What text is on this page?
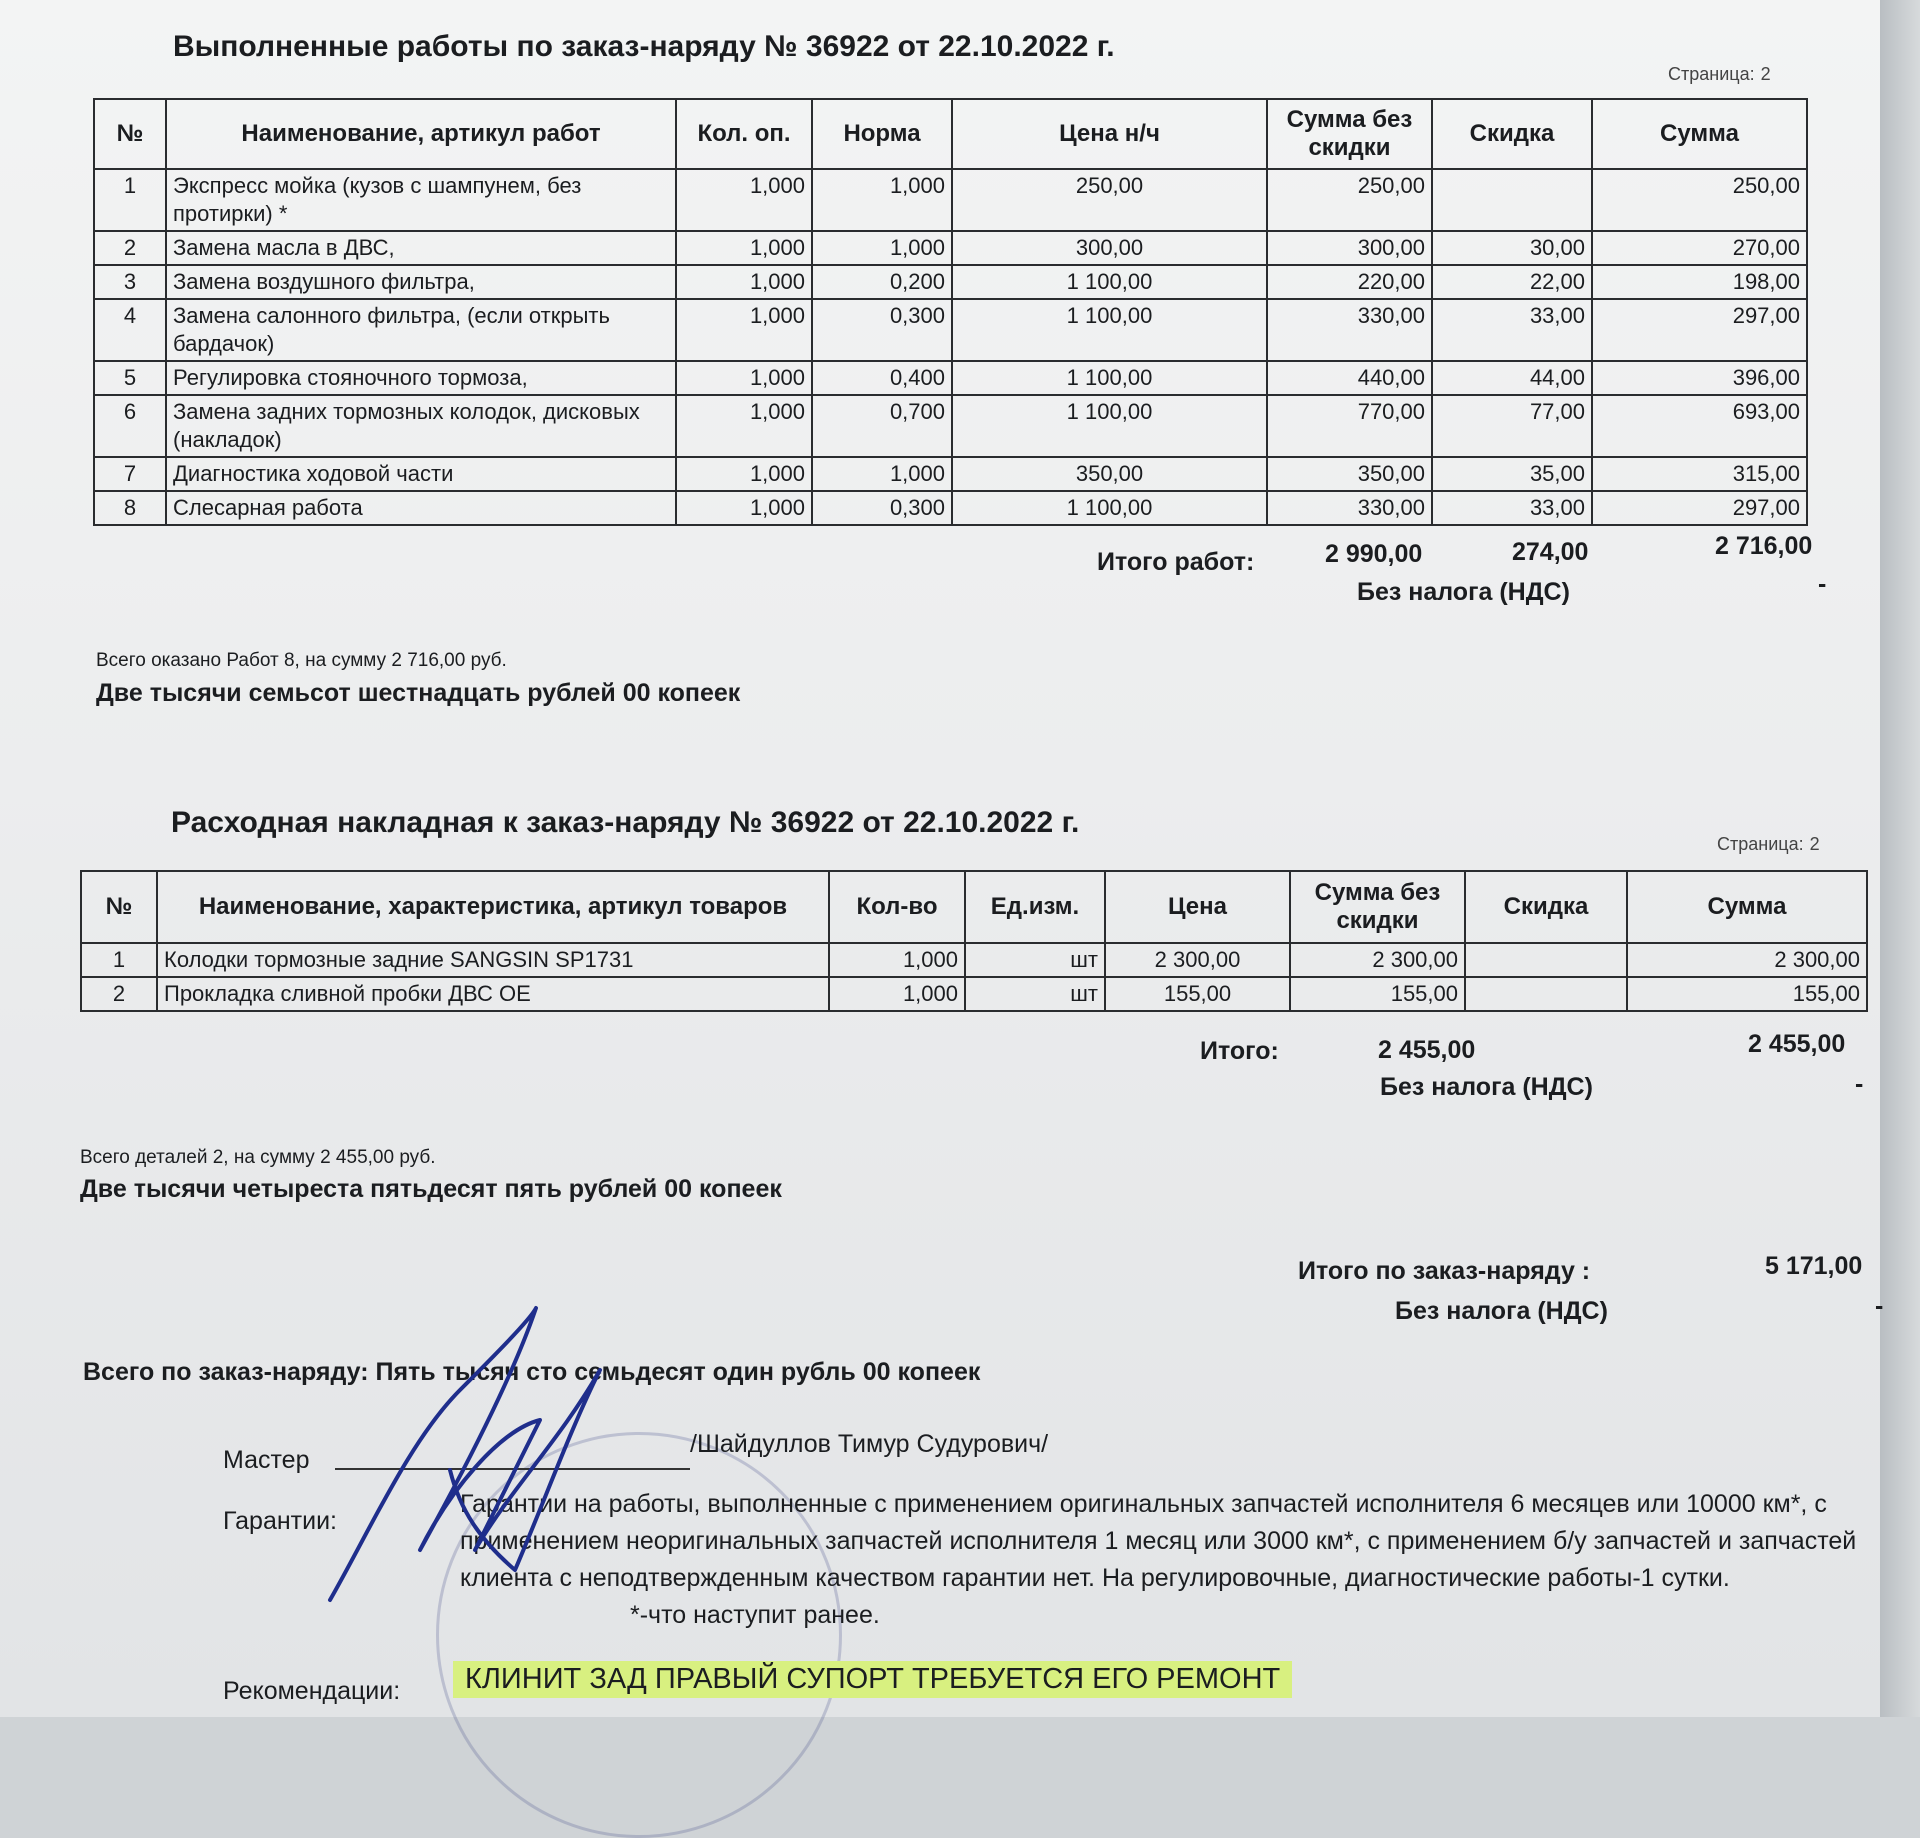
Выполненные работы по заказ-наряду № 36922 от 22.10.2022 г.
Страница: 2
№	Наименование, артикул работ	Кол. оп.	Норма	Цена н/ч	Сумма без скидки	Скидка	Сумма
1	Экспресс мойка (кузов с шампунем, без протирки) *	1,000	1,000	250,00	250,00		250,00
2	Замена масла в ДВС,	1,000	1,000	300,00	300,00	30,00	270,00
3	Замена воздушного фильтра,	1,000	0,200	1 100,00	220,00	22,00	198,00
4	Замена салонного фильтра, (если открыть бардачок)	1,000	0,300	1 100,00	330,00	33,00	297,00
5	Регулировка стояночного тормоза,	1,000	0,400	1 100,00	440,00	44,00	396,00
6	Замена задних тормозных колодок, дисковых (накладок)	1,000	0,700	1 100,00	770,00	77,00	693,00
7	Диагностика ходовой части	1,000	1,000	350,00	350,00	35,00	315,00
8	Слесарная работа	1,000	0,300	1 100,00	330,00	33,00	297,00
Итого работ:	2 990,00	274,00	2 716,00
Без налога (НДС)	-
Всего оказано Работ 8, на сумму 2 716,00 руб.
Две тысячи семьсот шестнадцать рублей 00 копеек
Расходная накладная к заказ-наряду № 36922 от 22.10.2022 г.
Страница: 2
№	Наименование, характеристика, артикул товаров	Кол-во	Ед.изм.	Цена	Сумма без скидки	Скидка	Сумма
1	Колодки тормозные задние SANGSIN SP1731	1,000	шт	2 300,00	2 300,00		2 300,00
2	Прокладка сливной пробки ДВС ОЕ	1,000	шт	155,00	155,00		155,00
Итого:	2 455,00	2 455,00
Без налога (НДС)	-
Всего деталей 2, на сумму 2 455,00 руб.
Две тысячи четыреста пятьдесят пять рублей 00 копеек
Итого по заказ-наряду :	5 171,00
Без налога (НДС)	-
Всего по заказ-наряду: Пять тысяч сто семьдесят один рубль 00 копеек
Мастер
/Шайдуллов Тимур Судурович/
Гарантии:
Гарантии на работы, выполненные с применением оригинальных запчастей исполнителя 6 месяцев или 10000 км*, с применением неоригинальных запчастей исполнителя 1 месяц или 3000 км*, с применением б/у запчастей и запчастей клиента с неподтвержденным качеством гарантии нет. На регулировочные, диагностические работы-1 сутки. *-что наступит ранее.
Рекомендации:	КЛИНИТ ЗАД ПРАВЫЙ СУПОРТ ТРЕБУЕТСЯ ЕГО РЕМОНТ
